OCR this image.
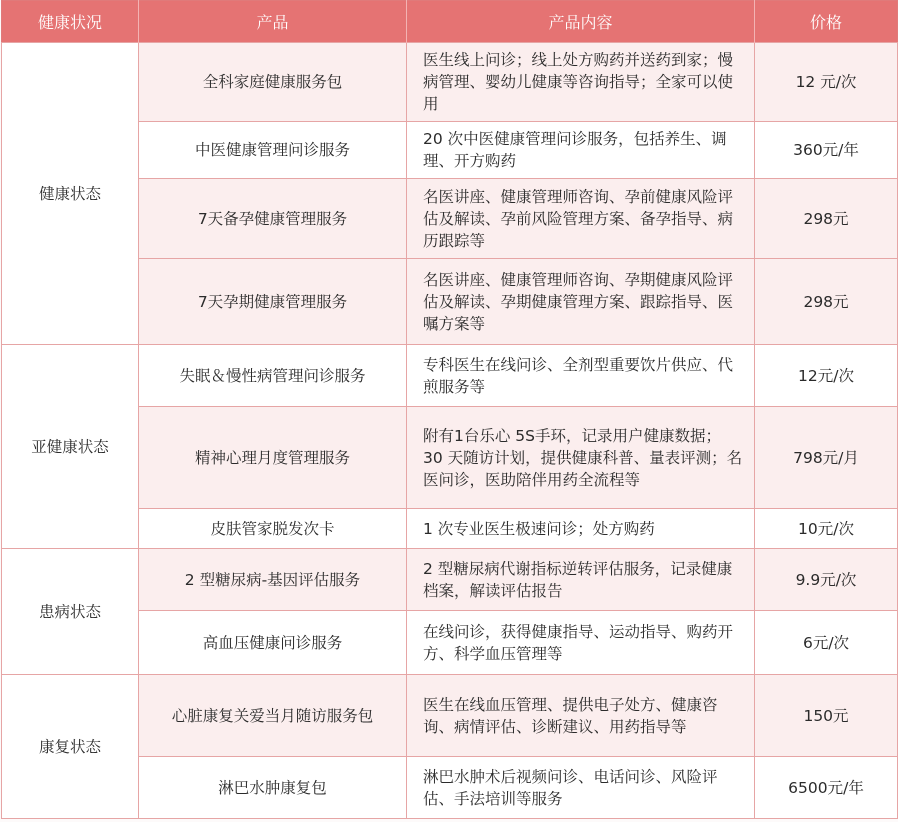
健康状况	产品	产品内容	价格
健康状态	全科家庭健康服务包	医生线上问诊；线上处方购药并送药到家；慢病管理、婴幼儿健康等咨询指导；全家可以使用	12 元/次
	中医健康管理问诊服务	20 次中医健康管理问诊服务，包括养生、调理、开方购药	360元/年
	7天备孕健康管理服务	名医讲座、健康管理师咨询、孕前健康风险评估及解读、孕前风险管理方案、备孕指导、病历跟踪等	298元
	7天孕期健康管理服务	名医讲座、健康管理师咨询、孕期健康风险评估及解读、孕期健康管理方案、跟踪指导、医嘱方案等	298元
亚健康状态	失眠＆慢性病管理问诊服务	专科医生在线问诊、全剂型重要饮片供应、代煎服务等	12元/次
	精神心理月度管理服务	附有1台乐心 5S手环，记录用户健康数据； 30 天随访计划，提供健康科普、量表评测；名医问诊，医助陪伴用药全流程等	798元/月
	皮肤管家脱发次卡	1 次专业医生极速问诊；处方购药	10元/次
患病状态	2 型糖尿病-基因评估服务	2 型糖尿病代谢指标逆转评估服务，记录健康档案，解读评估报告	9.9元/次
	高血压健康问诊服务	在线问诊，获得健康指导、运动指导、购药开方、科学血压管理等	6元/次
康复状态	心脏康复关爱当月随访服务包	医生在线血压管理、提供电子处方、健康咨询、病情评估、诊断建议、用药指导等	150元
	淋巴水肿康复包	淋巴水肿术后视频问诊、电话问诊、风险评估、手法培训等服务	6500元/年
